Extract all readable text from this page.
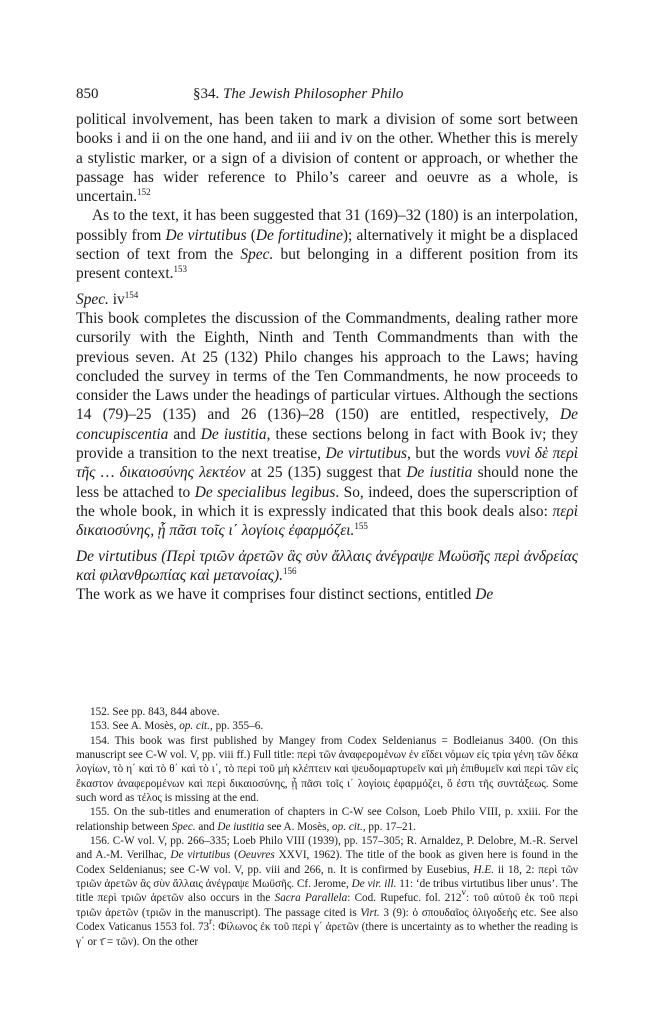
850	§34. The Jewish Philosopher Philo

political involvement, has been taken to mark a division of some sort between books i and ii on the one hand, and iii and iv on the other. Whether this is merely a stylistic marker, or a sign of a division of content or approach, or whether the passage has wider reference to Philo’s career and oeuvre as a whole, is uncertain.$^{152}$

As to the text, it has been suggested that 31 (169)–32 (180) is an interpolation, possibly from De virtutibus (De fortitudine); alternatively it might be a displaced section of text from the Spec. but belonging in a different position from its present context.$^{153}$

Spec. $iv^{154}$

This book completes the discussion of the Commandments, dealing rather more cursorily with the Eighth, Ninth and Tenth Commandments than with the previous seven. At 25 (132) Philo changes his approach to the Laws; having concluded the survey in terms of the Ten Commandments, he now proceeds to consider the Laws under the headings of particular virtues. Although the sections 14 (79)–25 (135) and 26 (136)–28 (150) are entitled, respectively, De concupiscentia and De iustitia, these sections belong in fact with Book iv; they provide a transition to the next treatise, De virtutibus, but the words νυνὶ δὲ περὶ τῆς … δικαιοσύνης λεκτέον at 25 (135) suggest that De iustitia should none the less be attached to De specialibus legibus. So, indeed, does the superscription of the whole book, in which it is expressly indicated that this book deals also: περὶ δικαιοσύνης, ᾗ πᾶσι τοῖς ι΄ λογίοις ἐφαρμόζει.$^{155}$

De virtutibus (Περὶ τριῶν ἀρετῶν ἃς σὺν ἄλλαις ἀνέγραψε Μωϋσῆς περὶ ἀνδρείας καὶ φιλανθρωπίας καὶ μετανοίας).$^{156}$

The work as we have it comprises four distinct sections, entitled De

152. See pp. 843, 844 above.

153. See A. Mosès, op. cit., pp. 355–6.

154. This book was first published by Mangey from Codex Seldenianus = Bodleianus 3400. (On this manuscript see C-W vol. V, pp. viii ff.) Full title: περὶ τῶν ἀναφερομένων ἐν εἴδει νόμων εἰς τρία γένη τῶν δέκα λογίων, τὸ η΄ καὶ τὸ θ΄ καὶ τὸ ι΄, τὸ περὶ τοῦ μὴ κλέπτειν καὶ ψευδομαρτυρεῖν καὶ μὴ ἐπιθυμεῖν καὶ περὶ τῶν εἰς ἕκαστον ἀναφερομένων καὶ περὶ δικαιοσύνης, ᾗ πᾶσι τοῖς ι΄ λογίοις ἐφαρμόζει, ὅ ἐστι τῆς συντάξεως. Some such word as τέλος is missing at the end.

155. On the sub-titles and enumeration of chapters in C-W see Colson, Loeb Philo VIII, p. xxiii. For the relationship between Spec. and De iustitia see A. Mosès, op. cit., pp. 17–21.

156. C-W vol. V, pp. 266–335; Loeb Philo VIII (1939), pp. 157–305; R. Arnaldez, P. Delobre, M.-R. Servel and A.-M. Verilhac, De virtutibus (Oeuvres XXVI, 1962). The title of the book as given here is found in the Codex Seldenianus; see C-W vol. V, pp. viii and 266, n. It is confirmed by Eusebius, H.E. ii 18, 2: περὶ τῶν τριῶν ἀρετῶν ἃς σὺν ἄλλαις ἀνέγραψε Μωϋσῆς. Cf. Jerome, De vir. ill. 11: ‘de tribus virtutibus liber unus’. The title περὶ τριῶν ἀρετῶν also occurs in the Sacra Parallela: Cod. Rupefuc. fol. 212$^v$: τοῦ αὐτοῦ ἐκ τοῦ περὶ τριῶν ἀρετῶν (τριῶν in the manuscript). The passage cited is Virt. 3 (9): ὁ σπουδαῖος ὀλιγοδεὴς etc. See also Codex Vaticanus 1553 fol. 73$^r$: Φίλωνος ἐκ τοῦ περὶ γ΄ ἀρετῶν (there is uncertainty as to whether the reading is γ΄ or τ̄ = τῶν). On the other
